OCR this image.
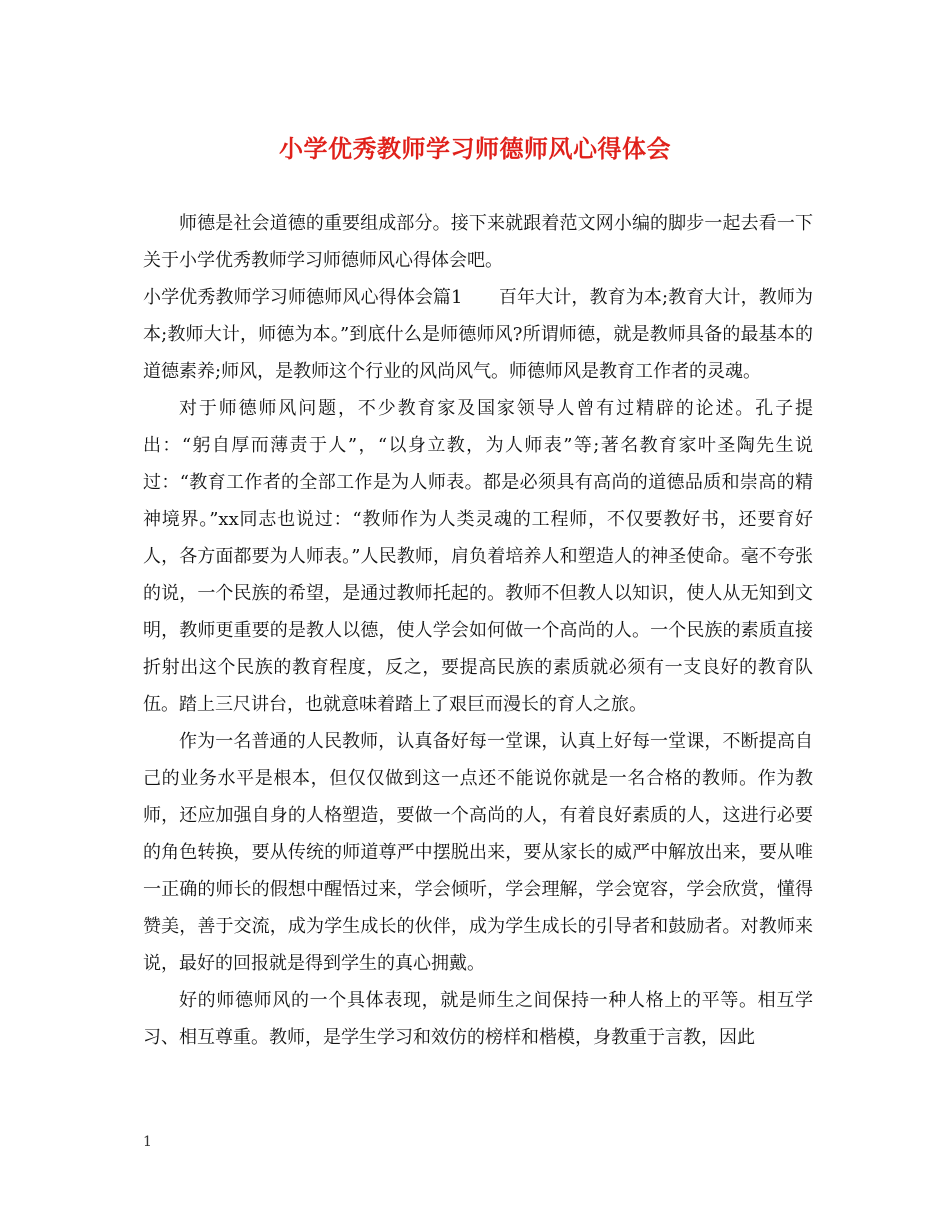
小学优秀教师学习师德师风心得体会

师德是社会道德的重要组成部分。接下来就跟着范文网小编的脚步一起去看一下关于小学优秀教师学习师德师风心得体会吧。

小学优秀教师学习师德师风心得体会篇1　　百年大计，教育为本;教育大计，教师为本;教师大计，师德为本。”到底什么是师德师风?所谓师德，就是教师具备的最基本的道德素养;师风，是教师这个行业的风尚风气。师德师风是教育工作者的灵魂。

对于师德师风问题，不少教育家及国家领导人曾有过精辟的论述。孔子提出：“躬自厚而薄责于人”，“以身立教，为人师表”等;著名教育家叶圣陶先生说过：“教育工作者的全部工作是为人师表。都是必须具有高尚的道德品质和崇高的精神境界。”xx同志也说过：“教师作为人类灵魂的工程师，不仅要教好书，还要育好人，各方面都要为人师表。”人民教师，肩负着培养人和塑造人的神圣使命。毫不夸张的说，一个民族的希望，是通过教师托起的。教师不但教人以知识，使人从无知到文明，教师更重要的是教人以德，使人学会如何做一个高尚的人。一个民族的素质直接折射出这个民族的教育程度，反之，要提高民族的素质就必须有一支良好的教育队伍。踏上三尺讲台，也就意味着踏上了艰巨而漫长的育人之旅。

作为一名普通的人民教师，认真备好每一堂课，认真上好每一堂课，不断提高自己的业务水平是根本，但仅仅做到这一点还不能说你就是一名合格的教师。作为教师，还应加强自身的人格塑造，要做一个高尚的人，有着良好素质的人，这进行必要的角色转换，要从传统的师道尊严中摆脱出来，要从家长的威严中解放出来，要从唯一正确的师长的假想中醒悟过来，学会倾听，学会理解，学会宽容，学会欣赏，懂得赞美，善于交流，成为学生成长的伙伴，成为学生成长的引导者和鼓励者。对教师来说，最好的回报就是得到学生的真心拥戴。

好的师德师风的一个具体表现，就是师生之间保持一种人格上的平等。相互学习、相互尊重。教师，是学生学习和效仿的榜样和楷模，身教重于言教，因此

1
